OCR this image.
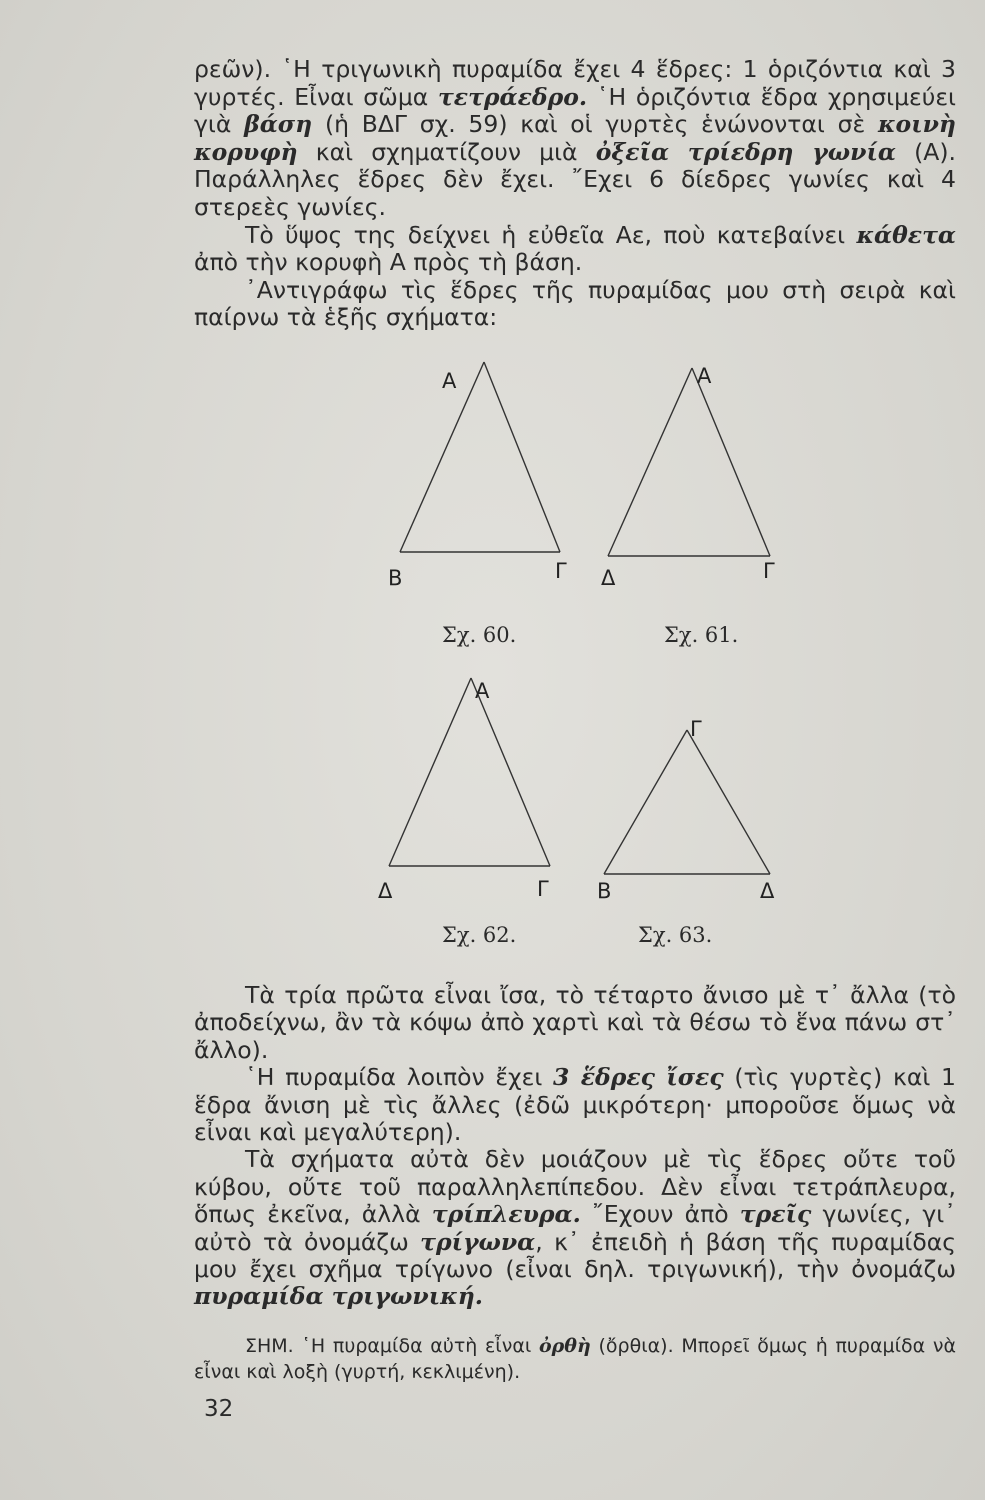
ρεῶν). ῾Η τριγωνικὴ πυραμίδα ἔχει 4 ἕδρες: 1 ὁριζόντια καὶ 3 γυρτές. Εἶναι σῶμα τετράεδρο. ῾Η ὁριζόντια ἕδρα χρησιμεύει γιὰ βάση (ἡ ΒΔΓ σχ. 59) καὶ οἱ γυρτὲς ἑνώνονται σὲ κοινὴ κορυφὴ καὶ σχηματίζουν μιὰ ὀξεῖα τρίεδρη γωνία (Α). Παράλληλες ἕδρες δὲν ἔχει. ῎Εχει 6 δίεδρες γωνίες καὶ 4 στερεὲς γωνίες.

Τὸ ὕψος της δείχνει ἡ εὐθεῖα Αε, ποὺ κατεβαίνει κάθετα ἀπὸ τὴν κορυφὴ Α πρὸς τὴ βάση.

᾿Αντιγράφω τὶς ἕδρες τῆς πυραμίδας μου στὴ σειρὰ καὶ παίρνω τὰ ἑξῆς σχήματα:

Α
Β	Γ
Σχ. 60.
Α
Δ	Γ
Σχ. 61.
Α
Δ	Γ
Σχ. 62.
Γ
Β	Δ
Σχ. 63.

Τὰ τρία πρῶτα εἶναι ἴσα, τὸ τέταρτο ἄνισο μὲ τ᾿ ἄλλα (τὸ ἀποδείχνω, ἂν τὰ κόψω ἀπὸ χαρτὶ καὶ τὰ θέσω τὸ ἕνα πάνω στ᾿ ἄλλο).

῾Η πυραμίδα λοιπὸν ἔχει 3 ἕδρες ἴσες (τὶς γυρτὲς) καὶ 1 ἕδρα ἄνιση μὲ τὶς ἄλλες (ἐδῶ μικρότερη· μποροῦσε ὅμως νὰ εἶναι καὶ μεγαλύτερη).

Τὰ σχήματα αὐτὰ δὲν μοιάζουν μὲ τὶς ἕδρες οὔτε τοῦ κύβου, οὔτε τοῦ παραλληλεπίπεδου. Δὲν εἶναι τετράπλευρα, ὅπως ἐκεῖνα, ἀλλὰ τρίπλευρα. ῎Εχουν ἀπὸ τρεῖς γωνίες, γι᾿ αὐτὸ τὰ ὀνομάζω τρίγωνα, κ᾿ ἐπειδὴ ἡ βάση τῆς πυραμίδας μου ἔχει σχῆμα τρίγωνο (εἶναι δηλ. τριγωνική), τὴν ὀνομάζω πυραμίδα τριγωνική.

ΣΗΜ. ῾Η πυραμίδα αὐτὴ εἶναι ὀρθὴ (ὄρθια). Μπορεῖ ὅμως ἡ πυραμίδα νὰ εἶναι καὶ λοξὴ (γυρτή, κεκλιμένη).

32
